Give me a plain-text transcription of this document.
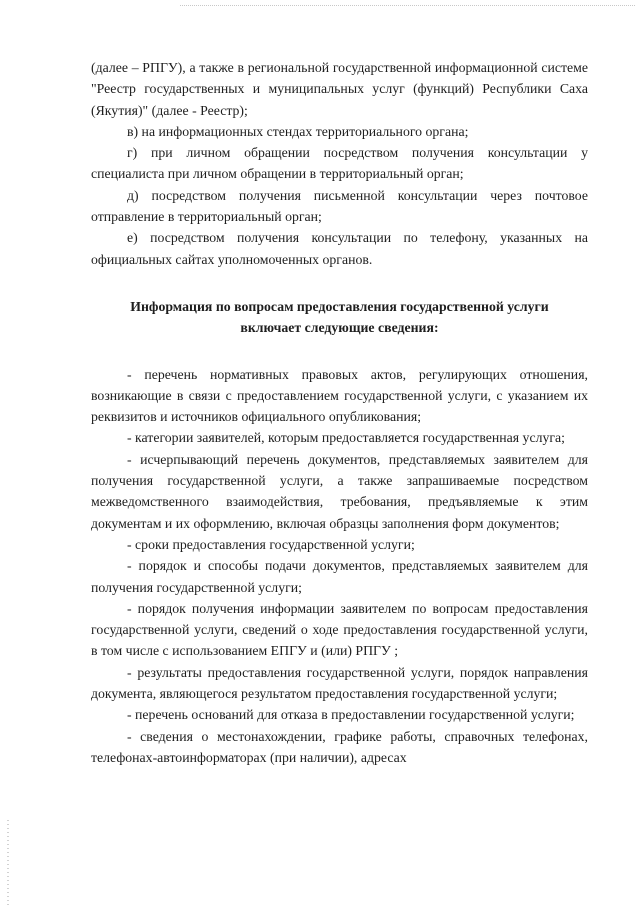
(далее – РПГУ), а также в региональной государственной информационной системе "Реестр государственных и муниципальных услуг (функций) Республики Саха (Якутия)" (далее - Реестр);

в) на информационных стендах территориального органа;

г) при личном обращении посредством получения консультации у специалиста при личном обращении в территориальный орган;

д) посредством получения письменной консультации через почтовое отправление в территориальный орган;

е) посредством получения консультации по телефону, указанных на официальных сайтах уполномоченных органов.

Информация по вопросам предоставления государственной услуги
включает следующие сведения:

- перечень нормативных правовых актов, регулирующих отношения, возникающие в связи с предоставлением государственной услуги, с указанием их реквизитов и источников официального опубликования;

- категории заявителей, которым предоставляется государственная услуга;

- исчерпывающий перечень документов, представляемых заявителем для получения государственной услуги, а также запрашиваемые посредством межведомственного взаимодействия, требования, предъявляемые к этим документам и их оформлению, включая образцы заполнения форм документов;

- сроки предоставления государственной услуги;

- порядок и способы подачи документов, представляемых заявителем для получения государственной услуги;

- порядок получения информации заявителем по вопросам предоставления государственной услуги, сведений о ходе предоставления государственной услуги, в том числе с использованием ЕПГУ и (или) РПГУ ;

- результаты предоставления государственной услуги, порядок направления документа, являющегося результатом предоставления государственной услуги;

- перечень оснований для отказа в предоставлении государственной услуги;

- сведения о местонахождении, графике работы, справочных телефонах, телефонах-автоинформаторах (при наличии), адресах
